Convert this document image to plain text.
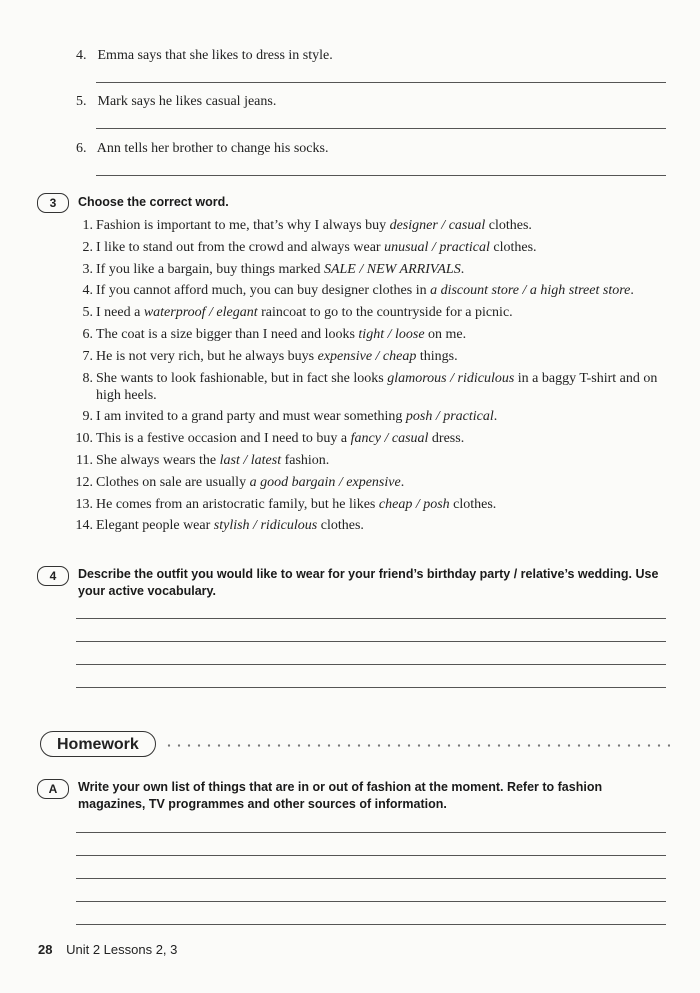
4. Emma says that she likes to dress in style.
5. Mark says he likes casual jeans.
6. Ann tells her brother to change his socks.
3	Choose the correct word.
1. Fashion is important to me, that’s why I always buy designer / casual clothes.
2. I like to stand out from the crowd and always wear unusual / practical clothes.
3. If you like a bargain, buy things marked SALE / NEW ARRIVALS.
4. If you cannot afford much, you can buy designer clothes in a discount store / a high street store.
5. I need a waterproof / elegant raincoat to go to the countryside for a picnic.
6. The coat is a size bigger than I need and looks tight / loose on me.
7. He is not very rich, but he always buys expensive / cheap things.
8. She wants to look fashionable, but in fact she looks glamorous / ridiculous in a baggy T-shirt and on high heels.
9. I am invited to a grand party and must wear something posh / practical.
10. This is a festive occasion and I need to buy a fancy / casual dress.
11. She always wears the last / latest fashion.
12. Clothes on sale are usually a good bargain / expensive.
13. He comes from an aristocratic family, but he likes cheap / posh clothes.
14. Elegant people wear stylish / ridiculous clothes.
4	Describe the outfit you would like to wear for your friend’s birthday party / relative’s wedding. Use your active vocabulary.
Homework
A	Write your own list of things that are in or out of fashion at the moment. Refer to fashion magazines, TV programmes and other sources of information.
28 Unit 2 Lessons 2, 3
